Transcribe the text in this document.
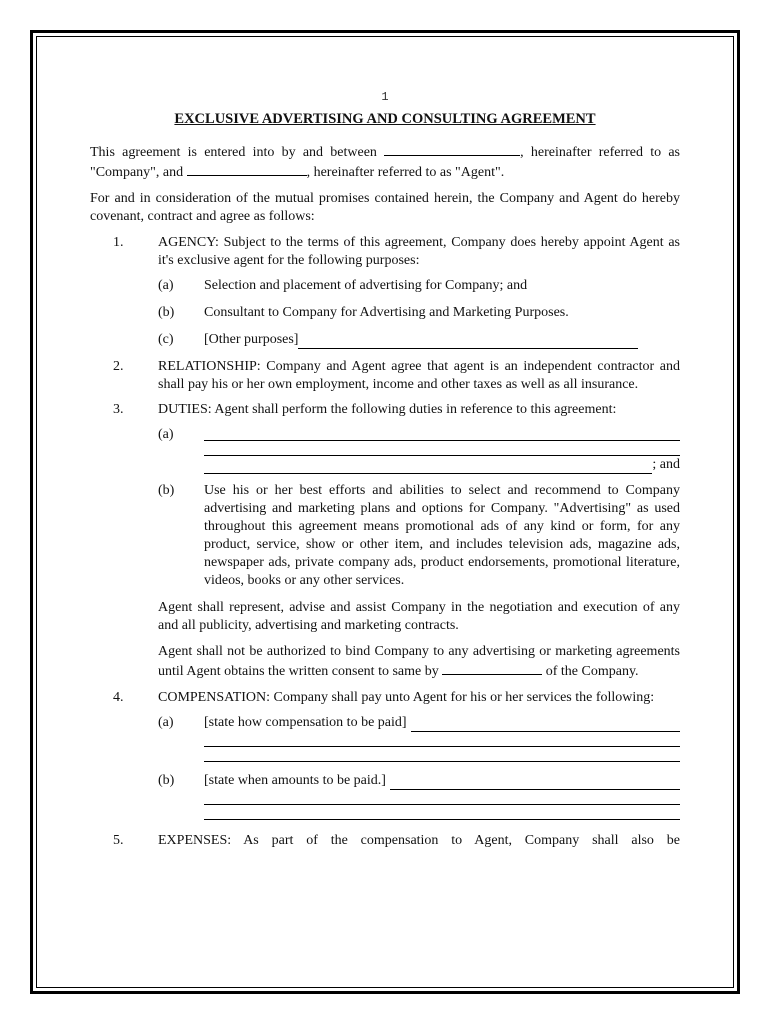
1
EXCLUSIVE ADVERTISING AND CONSULTING AGREEMENT

This agreement is entered into by and between	, hereinafter referred to as

"Company", and	, hereinafter referred to as "Agent".

For and in consideration of the mutual promises contained herein, the Company and Agent do hereby covenant, contract and agree as follows:

1. AGENCY: Subject to the terms of this agreement, Company does hereby appoint Agent as it's exclusive agent for the following purposes:
(a) Selection and placement of advertising for Company; and
(b) Consultant to Company for Advertising and Marketing Purposes.
(c) [Other purposes]
2. RELATIONSHIP: Company and Agent agree that agent is an independent contractor and shall pay his or her own employment, income and other taxes as well as all insurance.
3. DUTIES: Agent shall perform the following duties in reference to this agreement:
(a)
; and
(b) Use his or her best efforts and abilities to select and recommend to Company advertising and marketing plans and options for Company. "Advertising" as used throughout this agreement means promotional ads of any kind or form, for any product, service, show or other item, and includes television ads, magazine ads, newspaper ads, private company ads, product endorsements, promotional literature, videos, books or any other services.
Agent shall represent, advise and assist Company in the negotiation and execution of any and all publicity, advertising and marketing contracts.
Agent shall not be authorized to bind Company to any advertising or marketing agreements until Agent obtains the written consent to same by	of the Company.
4. COMPENSATION: Company shall pay unto Agent for his or her services the following:
(a) [state how compensation to be paid]
(b) [state when amounts to be paid.]
5. EXPENSES: As part of the compensation to Agent, Company shall also be
